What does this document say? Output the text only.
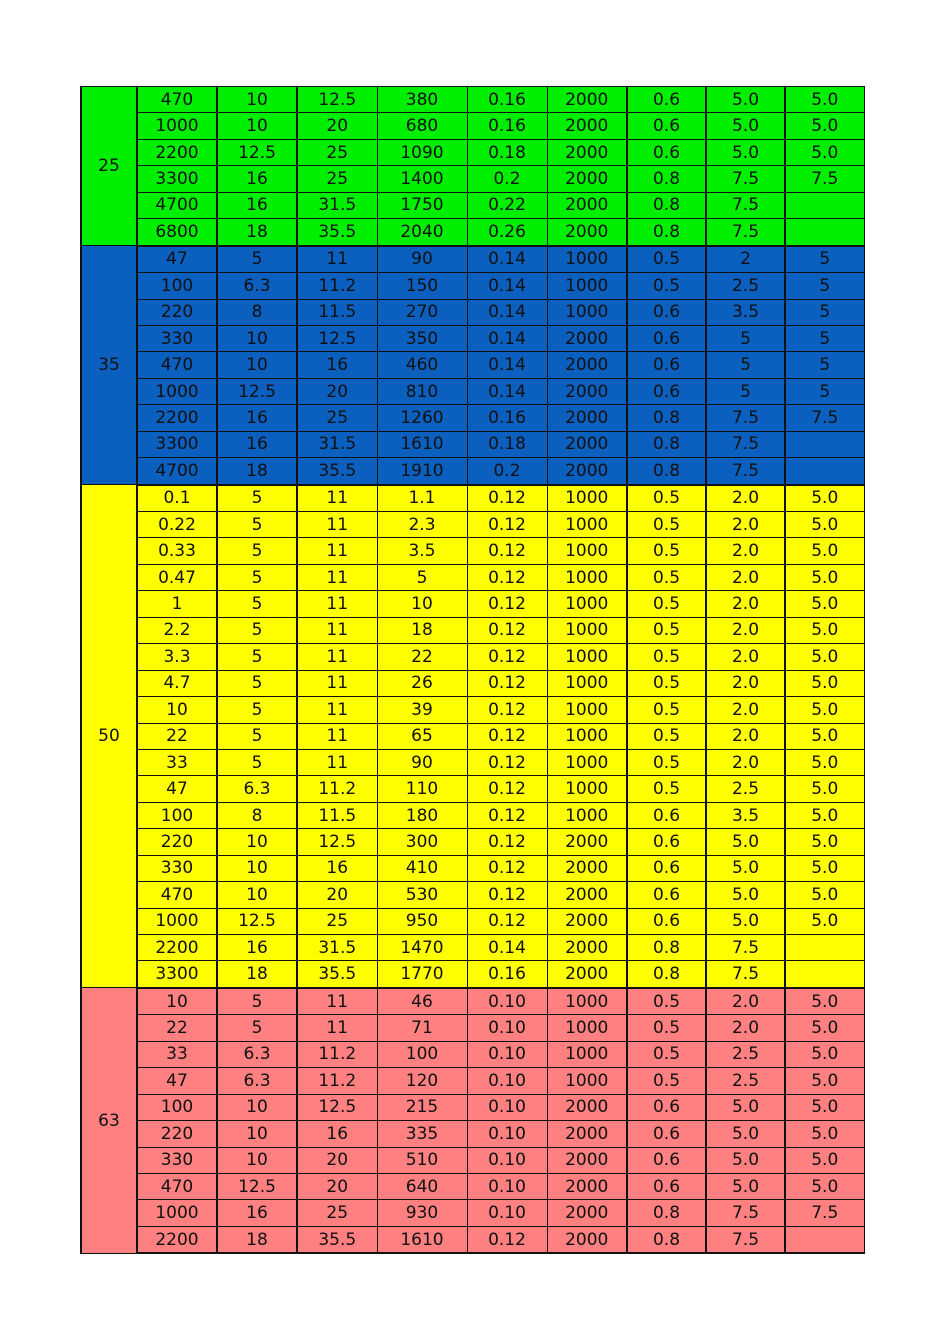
25	470	10	12.5	380	0.16	2000	0.6	5.0	5.0
	1000	10	20	680	0.16	2000	0.6	5.0	5.0
	2200	12.5	25	1090	0.18	2000	0.6	5.0	5.0
	3300	16	25	1400	0.2	2000	0.8	7.5	7.5
	4700	16	31.5	1750	0.22	2000	0.8	7.5	
	6800	18	35.5	2040	0.26	2000	0.8	7.5	
35	47	5	11	90	0.14	1000	0.5	2	5
	100	6.3	11.2	150	0.14	1000	0.5	2.5	5
	220	8	11.5	270	0.14	1000	0.6	3.5	5
	330	10	12.5	350	0.14	2000	0.6	5	5
	470	10	16	460	0.14	2000	0.6	5	5
	1000	12.5	20	810	0.14	2000	0.6	5	5
	2200	16	25	1260	0.16	2000	0.8	7.5	7.5
	3300	16	31.5	1610	0.18	2000	0.8	7.5	
	4700	18	35.5	1910	0.2	2000	0.8	7.5	
50	0.1	5	11	1.1	0.12	1000	0.5	2.0	5.0
	0.22	5	11	2.3	0.12	1000	0.5	2.0	5.0
	0.33	5	11	3.5	0.12	1000	0.5	2.0	5.0
	0.47	5	11	5	0.12	1000	0.5	2.0	5.0
	1	5	11	10	0.12	1000	0.5	2.0	5.0
	2.2	5	11	18	0.12	1000	0.5	2.0	5.0
	3.3	5	11	22	0.12	1000	0.5	2.0	5.0
	4.7	5	11	26	0.12	1000	0.5	2.0	5.0
	10	5	11	39	0.12	1000	0.5	2.0	5.0
	22	5	11	65	0.12	1000	0.5	2.0	5.0
	33	5	11	90	0.12	1000	0.5	2.0	5.0
	47	6.3	11.2	110	0.12	1000	0.5	2.5	5.0
	100	8	11.5	180	0.12	1000	0.6	3.5	5.0
	220	10	12.5	300	0.12	2000	0.6	5.0	5.0
	330	10	16	410	0.12	2000	0.6	5.0	5.0
	470	10	20	530	0.12	2000	0.6	5.0	5.0
	1000	12.5	25	950	0.12	2000	0.6	5.0	5.0
	2200	16	31.5	1470	0.14	2000	0.8	7.5	
	3300	18	35.5	1770	0.16	2000	0.8	7.5	
63	10	5	11	46	0.10	1000	0.5	2.0	5.0
	22	5	11	71	0.10	1000	0.5	2.0	5.0
	33	6.3	11.2	100	0.10	1000	0.5	2.5	5.0
	47	6.3	11.2	120	0.10	1000	0.5	2.5	5.0
	100	10	12.5	215	0.10	2000	0.6	5.0	5.0
	220	10	16	335	0.10	2000	0.6	5.0	5.0
	330	10	20	510	0.10	2000	0.6	5.0	5.0
	470	12.5	20	640	0.10	2000	0.6	5.0	5.0
	1000	16	25	930	0.10	2000	0.8	7.5	7.5
	2200	18	35.5	1610	0.12	2000	0.8	7.5	
